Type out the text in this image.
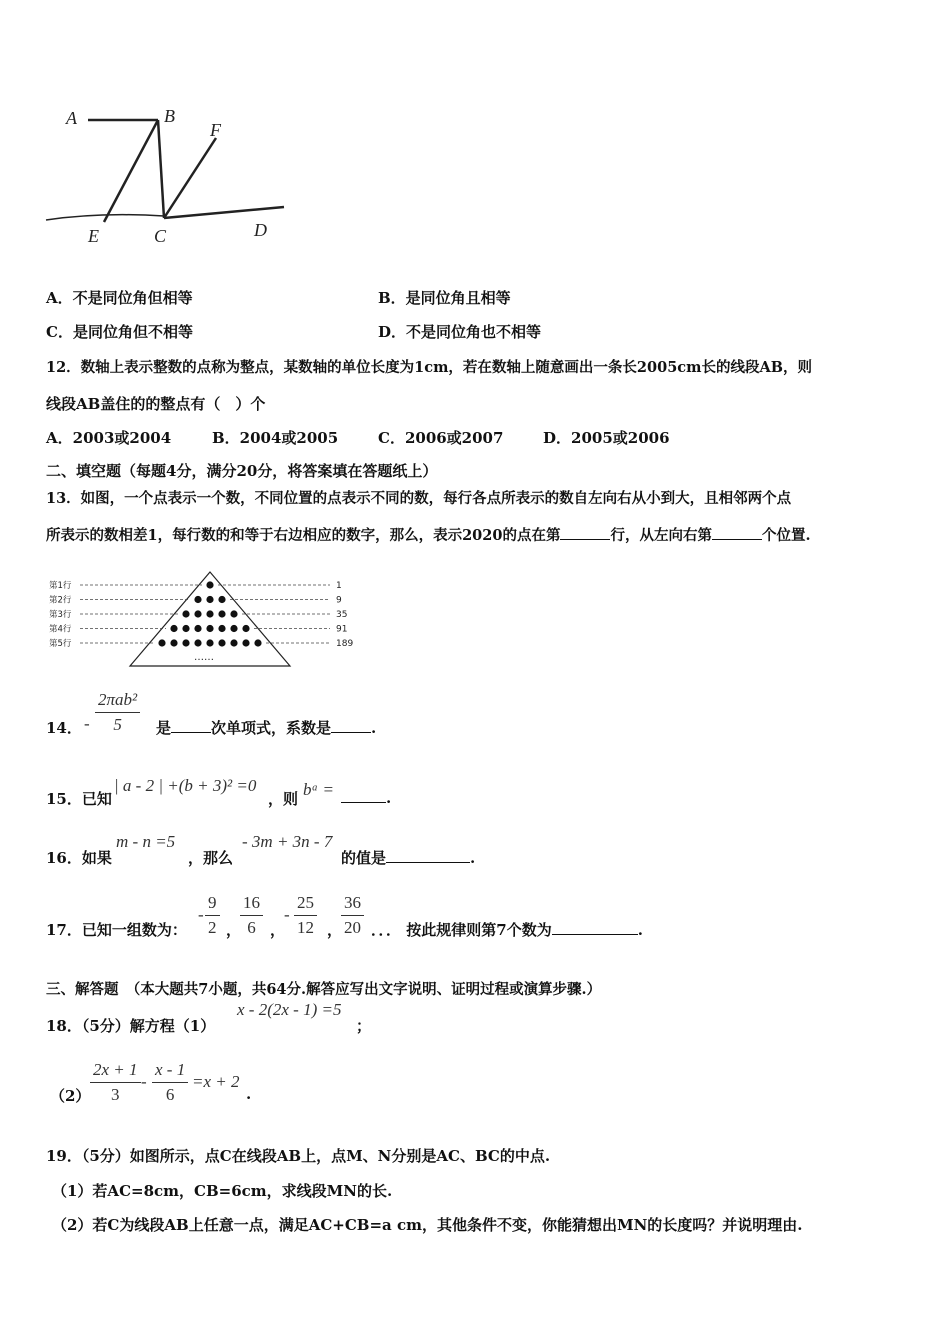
A	B
F
E	C	D
A．不是同位角但相等	B．是同位角且相等
C．是同位角但不相等	D．不是同位角也不相等
12．数轴上表示整数的点称为整点，某数轴的单位长度为1cm，若在数轴上随意画出一条长2005cm长的线段AB，则
线段AB盖住的的整点有（　）个
A．2003或2004	B．2004或2005	C．2006或2007	D．2005或2006
二、填空题（每题4分，满分20分，将答案填在答题纸上）
13．如图，一个点表示一个数，不同位置的点表示不同的数，每行各点所表示的数自左向右从小到大，且相邻两个点
所表示的数相差1，每行数的和等于右边相应的数字，那么，表示2020的点在第	行，从左向右第	个位置.
第1行	1
第2行	9
第3行	35
第4行	91
第5行	189
……
14． -
2πab²
5	是	次单项式，系数是	.
15．已知
| a - 2 | +(b + 3)² =0
，则 bᵃ =	.
16．如果
m - n =5
，那么
- 3m + 3n - 7
的值是	.
17．已知一组数为：
-
9
2 ，
16
6 ，
-
25
12 ，
36
20 ．．． 按此规律则第7个数为	.
三、解答题　（本大题共7小题，共64分.解答应写出文字说明、证明过程或演算步骤.）
18．（5分）解方程（1）
x - 2(2x - 1) =5
；
（2）
2x + 1
3
-
x - 1
6
=x + 2
.
19．（5分）如图所示，点C在线段AB上，点M、N分别是AC、BC的中点.
（1）若AC=8cm，CB=6cm，求线段MN的长.
（2）若C为线段AB上任意一点，满足AC+CB=a cm，其他条件不变，你能猜想出MN的长度吗？并说明理由.
